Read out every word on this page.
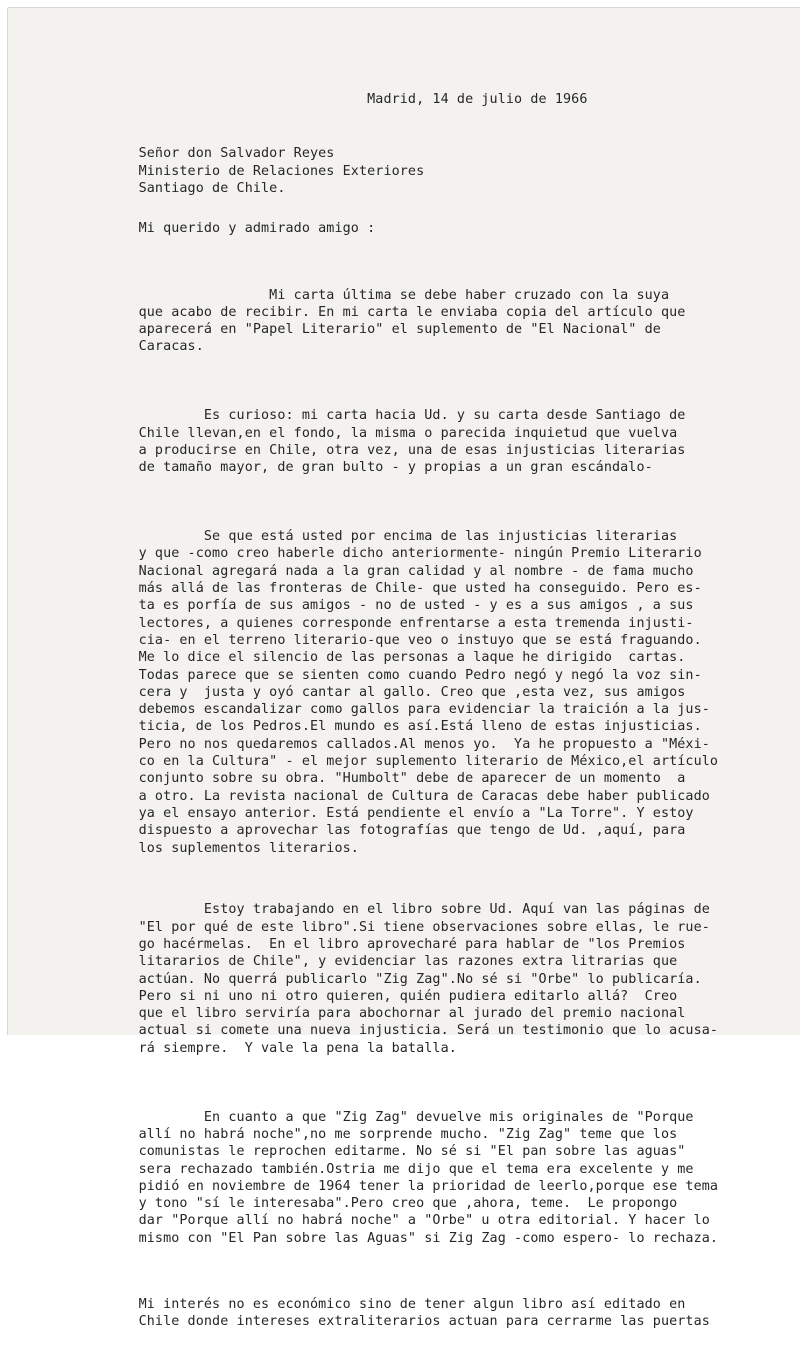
Madrid, 14 de julio de 1966
Señor don Salvador Reyes
Ministerio de Relaciones Exteriores
Santiago de Chile.
Mi querido y admirado amigo :

Mi carta última se debe haber cruzado con la suya
que acabo de recibir. En mi carta le enviaba copia del artículo que
aparecerá en "Papel Literario" el suplemento de "El Nacional" de
Caracas.

Es curioso: mi carta hacia Ud. y su carta desde Santiago de
Chile llevan,en el fondo, la misma o parecida inquietud que vuelva
a producirse en Chile, otra vez, una de esas injusticias literarias
de tamaño mayor, de gran bulto - y propias a un gran escándalo-

Se que está usted por encima de las injusticias literarias
y que -como creo haberle dicho anteriormente- ningún Premio Literario
Nacional agregará nada a la gran calidad y al nombre - de fama mucho
más allá de las fronteras de Chile- que usted ha conseguido. Pero es-
ta es porfía de sus amigos - no de usted - y es a sus amigos , a sus
lectores, a quienes corresponde enfrentarse a esta tremenda injusti-
cia- en el terreno literario-que veo o instuyo que se está fraguando.
Me lo dice el silencio de las personas a laque he dirigido  cartas.
Todas parece que se sienten como cuando Pedro negó y negó la voz sin-
cera y  justa y oyó cantar al gallo. Creo que ,esta vez, sus amigos
debemos escandalizar como gallos para evidenciar la traición a la jus-
ticia, de los Pedros.El mundo es así.Está lleno de estas injusticias.
Pero no nos quedaremos callados.Al menos yo.  Ya he propuesto a "Méxi-
co en la Cultura" - el mejor suplemento literario de México,el artículo
conjunto sobre su obra. "Humbolt" debe de aparecer de un momento  a
a otro. La revista nacional de Cultura de Caracas debe haber publicado
ya el ensayo anterior. Está pendiente el envío a "La Torre". Y estoy
dispuesto a aprovechar las fotografías que tengo de Ud. ,aquí, para
los suplementos literarios.

Estoy trabajando en el libro sobre Ud. Aquí van las páginas de
"El por qué de este libro".Si tiene observaciones sobre ellas, le rue-
go hacérmelas.  En el libro aprovecharé para hablar de "los Premios
litararios de Chile", y evidenciar las razones extra litrarias que
actúan. No querrá publicarlo "Zig Zag".No sé si "Orbe" lo publicaría.
Pero si ni uno ni otro quieren, quién pudiera editarlo allá?  Creo
que el libro serviría para abochornar al jurado del premio nacional
actual si comete una nueva injusticia. Será un testimonio que lo acusa-
rá siempre.  Y vale la pena la batalla.

En cuanto a que "Zig Zag" devuelve mis originales de "Porque
allí no habrá noche",no me sorprende mucho. "Zig Zag" teme que los
comunistas le reprochen editarme. No sé si "El pan sobre las aguas"
sera rechazado también.Ostria me dijo que el tema era excelente y me
pidió en noviembre de 1964 tener la prioridad de leerlo,porque ese tema
y tono "sí le interesaba".Pero creo que ,ahora, teme.  Le propongo
dar "Porque allí no habrá noche" a "Orbe" u otra editorial. Y hacer lo
mismo con "El Pan sobre las Aguas" si Zig Zag -como espero- lo rechaza.

Mi interés no es económico sino de tener algun libro así editado en
Chile donde intereses extraliterarios actuan para cerrarme las puertas
